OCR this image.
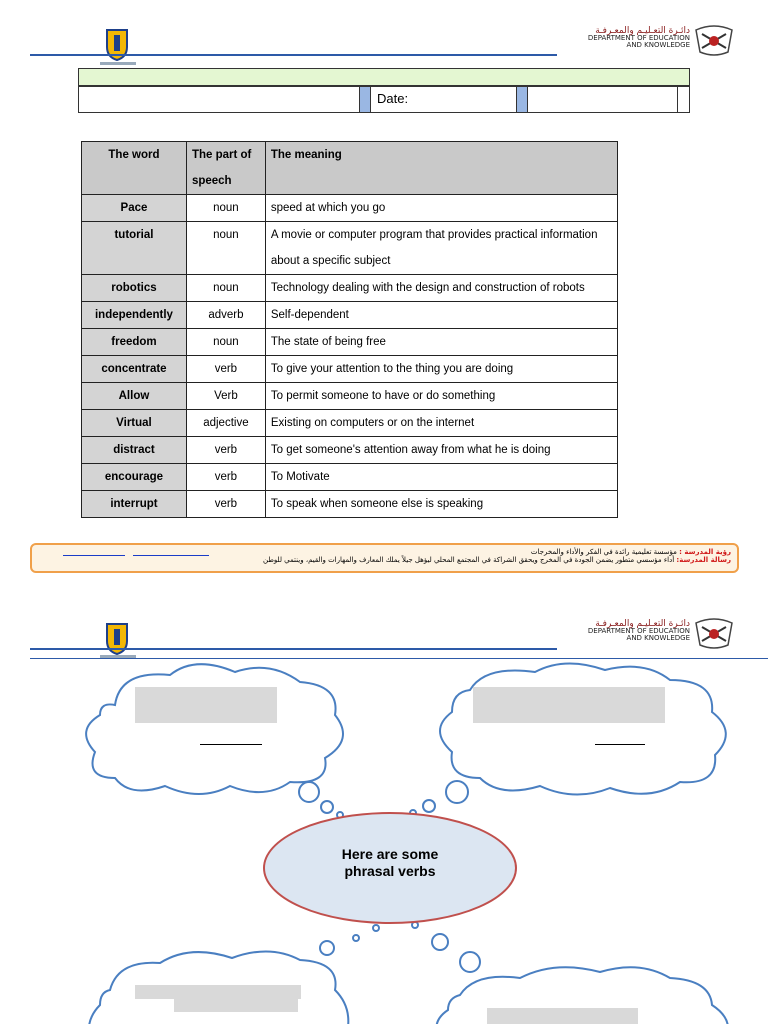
دائـرة التعـليـم والمعـرفـة
DEPARTMENT OF EDUCATION
AND KNOWLEDGE
Date:
The word	The part of speech	The meaning
Pace	noun	speed at which you go
tutorial	noun	A movie or computer program that provides practical information about a specific subject
robotics	noun	Technology dealing with the design and construction of robots
independently	adverb	Self-dependent
freedom	noun	The state of being free
concentrate	verb	To give your attention to the thing you are doing
Allow	Verb	To permit someone to have or do something
Virtual	adjective	Existing on computers or on the internet
distract	verb	To get someone's attention away from what he is doing
encourage	verb	To Motivate
interrupt	verb	To speak when someone else is speaking
رؤية المدرسة : مؤسسة تعليمية رائدة في الفكر والأداء والمخرجات
رسالة المدرسة: أداء مؤسسي متطور يضمن الجودة في المخرج ويحقق الشراكة في المجتمع المحلي ليؤهل جيلاً يملك المعارف والمهارات والقيم، وينتمي للوطن
دائـرة التعـليـم والمعـرفـة
DEPARTMENT OF EDUCATION
AND KNOWLEDGE
Here are some
phrasal verbs
